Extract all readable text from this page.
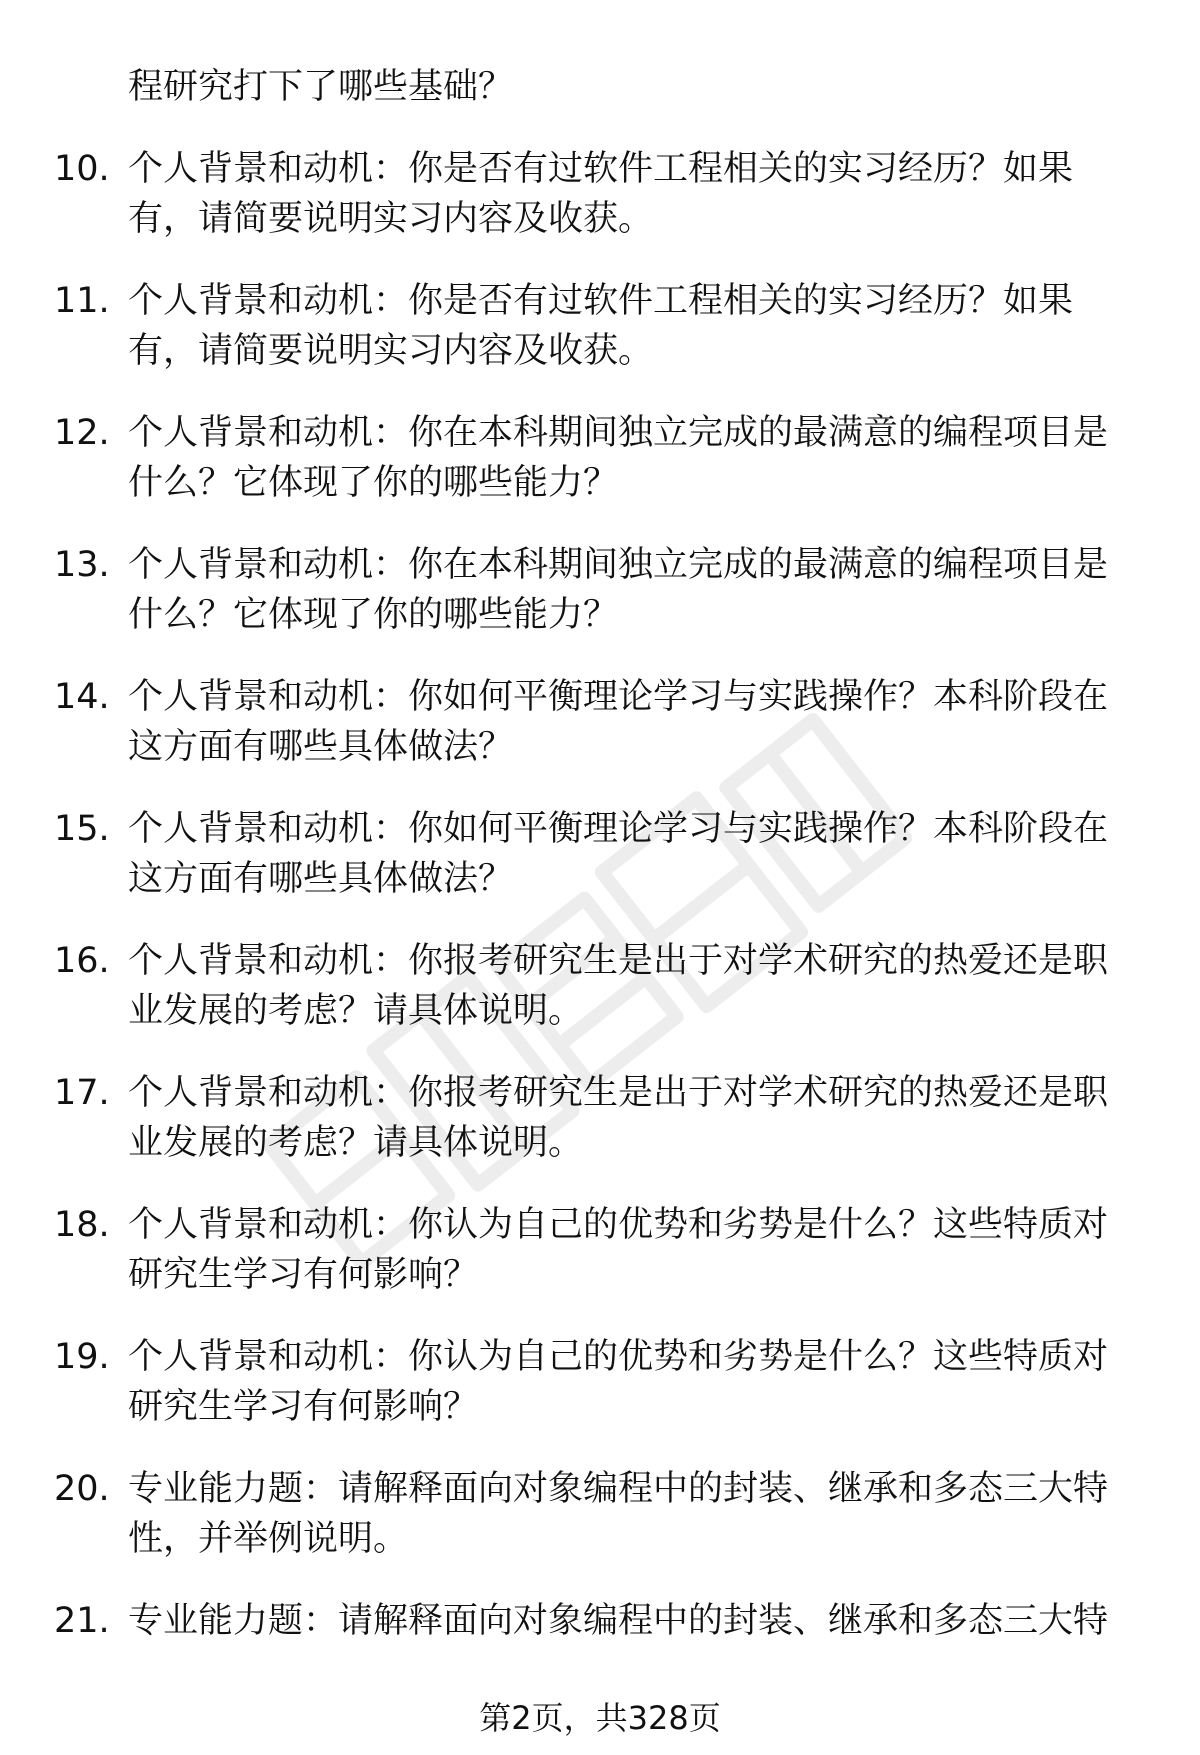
程研究打下了哪些基础？
10. 个人背景和动机：你是否有过软件工程相关的实习经历？如果
有，请简要说明实习内容及收获。
11. 个人背景和动机：你是否有过软件工程相关的实习经历？如果
有，请简要说明实习内容及收获。
12. 个人背景和动机：你在本科期间独立完成的最满意的编程项目是
什么？它体现了你的哪些能力？
13. 个人背景和动机：你在本科期间独立完成的最满意的编程项目是
什么？它体现了你的哪些能力？
14. 个人背景和动机：你如何平衡理论学习与实践操作？本科阶段在
这方面有哪些具体做法？
15. 个人背景和动机：你如何平衡理论学习与实践操作？本科阶段在
这方面有哪些具体做法？
16. 个人背景和动机：你报考研究生是出于对学术研究的热爱还是职
业发展的考虑？请具体说明。
17. 个人背景和动机：你报考研究生是出于对学术研究的热爱还是职
业发展的考虑？请具体说明。
18. 个人背景和动机：你认为自己的优势和劣势是什么？这些特质对
研究生学习有何影响？
19. 个人背景和动机：你认为自己的优势和劣势是什么？这些特质对
研究生学习有何影响？
20. 专业能力题：请解释面向对象编程中的封装、继承和多态三大特
性，并举例说明。
21. 专业能力题：请解释面向对象编程中的封装、继承和多态三大特
第2页，共328页
